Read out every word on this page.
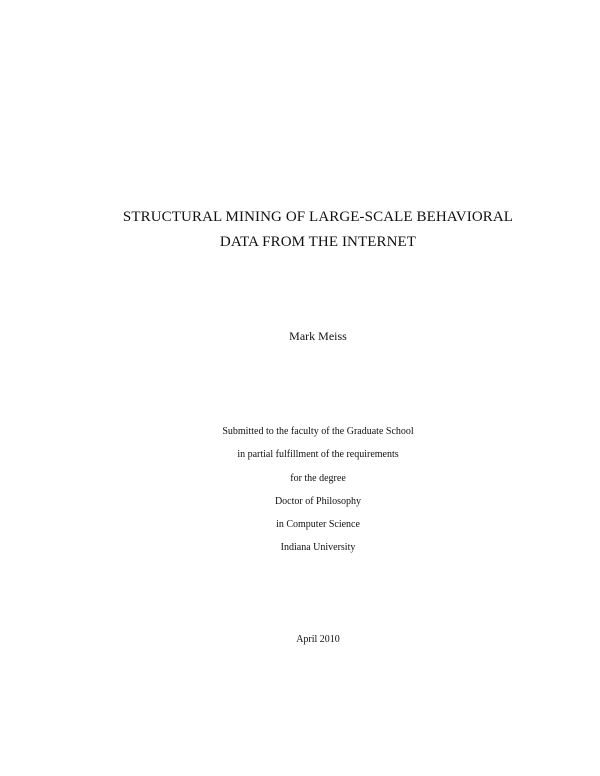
STRUCTURAL MINING OF LARGE-SCALE BEHAVIORAL
DATA FROM THE INTERNET
Mark Meiss
Submitted to the faculty of the Graduate School
in partial fulfillment of the requirements
for the degree
Doctor of Philosophy
in Computer Science
Indiana University
April 2010
